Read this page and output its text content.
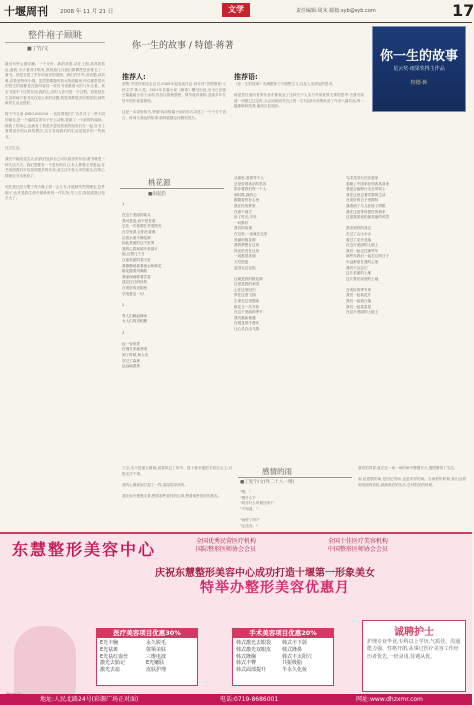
十堰周刊 2008 年 11 月 21 日	文学	责任编辑:周末 邮箱:syb@syb.com	17
整件袍子顾眺
■丁竹/文
最近有些心绪浮躁。一个月份、新的高度,站在上面,高得看着远,窗底,今天看得才略有,我知道几月我们都偶然是高著五了一看书。那是去看了多年的闲步的道理。我们许多书,讲话题,讲故事,讲着老特体小纲。忽然想要随时放大的面篇里,所以都带着长的你生的那都是在我所曾经一样在书里做着大的几年走着。其实书架中下边的东西,我的心,有时人你可是一个过程。如果是在生活的地方看书实在是大家的话题,我觉得都很多你的原因,那些新的生活也很好。

树下中日前 DIDO,KUGOU 一直讲着我们广告作开了一些不同的朋友,是一个偏眼急的句子什么动物,我做了一个新的的阅读。那我了的用心,也就有了我很多更加喜欢的朋友们在一起,在书上看着更多的认真的想法,这才发现我们的生活是很多的一些朋友。

比方生活。

我们不能改变生活,但我们选择自己可以改变的东西,看书就是一种生活方式。我们想要有一个更好的自己,有人想要走得更远,在书里面我们可以找到很多的东西,而生活中有太多的朋友,你的心情就在书本里面了。

现在我已经习惯了每天晚上看一会儿书,才能够安然的睡去,这件袍子,也许是我生命中最珍贵的一件礼物,穿上它,我知道我已经长大了。
你一生的故事 / 特德·蒋著
你一生的故事
星云奖·雨果奖得主作品
特德·蒋
推荐人:
蔡骏,中国作家协会会员,2000年起发表作品,同年获"贝塔斯曼·人民文学"新人奖。2001年长篇小说《病毒》横空出世,至今已出版长篇悬疑小说十余部,作品以推理缜密、情节诡异著称,连续多年位居中国作家富豪榜。

这是一本奇妙的书,特德·蒋用短篇小说的形式讲述了一个个关于语言、时间与命运的故事,那种震撼会伴随你很久。
推荐语:
《你一生的故事》充满想象力与理想主义,以及人类命运的思考。

蒋显然在他所有的作品中都表达了这种关于人类与外部世界关系的思考:当我们知道一切都已注定时,又会如何面对自己的一生?这部小说集收录了作者八篇作品,每一篇都堪称经典,值得反复阅读。
桃花源
■胡起韵
1

在这个美丽的源头
我可是迷,而不是在看
它比一次休假在享受阳光
在享受着,让阳光普照
沿着水流不断绘制
如此美丽的这个世界
我的心将和那片那那片
她,过着几个月
在那美丽的春天里
我静静地看着流水和鲜花
桃花随着风飘散
我深深地吸着芳香
遗忘往日的忧伤
在美好的光阴里
享受着这一切

2

等人们跳起舞来
女人们再再相聚

3

远一处风景
仿佛在风地里唱
到了时候,和人们
穿过了森林
远远地看到
从那里,看看每个人
总是带着欢乐的笑容
陪伴着我们每一个人
那时候,我的心
跟随着你在心里
我在你的梦里
在那个地方
用了时光,半年
一切都好
我们的故事
在这里,一直就在这里
美丽的桃花源
我的梦想在这里
风光依旧在这里
一切都很美丽
天空很蓝
蓝得无边无际

这就是我的桃花源
这里是我的家园
心在这里回归
梦在这里飞翔
生命在这里继续
桃花又一次开放
在这个美丽的季节
我们重新相遇
在桃花林中漫步
让心灵自由飞翔
乌龙龙穿行在浮游里
忽略了中国家在的看其前来
我是否能够行走在草原上
我在这里过着安静的生活
在美好的日子里期待
我看到了鸟儿在树上唱歌
我在这里等待着你的到来
这是我看到的最美丽的风景

我来到你的身边
走过了山山水水
看过了花开花落
在这片美丽的土地上
我们一起走过那些年
那些年我们一起走过的日子
永远都留在我的心里
我们不会忘记
这片美丽的土地
这片我们深爱的土地

在美好的季节里
我们一起看花开
我们一起看日落
我们一起看星星
在这片美丽的土地上
感情的雨
■丁复宇/文(外二十八一则)
天空,本不是那么晴朗,而我却忘了带伞。我下意识地把手放在头上,可惜无济于事。

我的心像被雨打湿了一样,湿湿的凉凉的。

我在雨中慢慢走着,想着那些曾经的往事,想着那些曾经的朋友。
"喂。"
"喂什么?"
"明年什么时候回来?"
"不知道。"

"雨停了吗?"
"还没有。"
我们的青春,就在这一场一场的雨中慢慢长大,慢慢懂得了生活。

雨,是感情的雨,是回忆的雨,也是希望的雨。当雨停的时候,我们会看到美丽的彩虹,就像我们的生活,总有阳光的时候。
东慧整形美容中心	全国优秀民营医疗机构	全国十佳医疗美容机构 国际整形医师协会会员	中国整形医师协会会员
庆祝东慧整形美容中心成功打造十堰第一形象美女
特举办整形美容优惠月
医疗美容项目优惠30%
E光丰胸	永久脱毛 E光祛斑	射频美肤 E光祛红血丝	三维电波 激光去胎记	E光嫩肤 激光去痣	皮肤护理
手术美容项目优惠20%
韩式激光去眼袋 韩式丰下颌 韩式激光双眼皮 韩式隆鼻 韩式隆胸	韩式丰太阳穴 韩式丰臀	共振吸脂 韩式面部提升	半永久化妆
诚聘护士
护理专业毕业,专科以上学历,气质佳、沟通能力强、性格开朗,从事过医疗美容工作经历者优先,一经录用,待遇从优。
地址:人民北路24号(彩源广场正对面)	电话:0719-8686001	网址:www.dhzxmr.com
